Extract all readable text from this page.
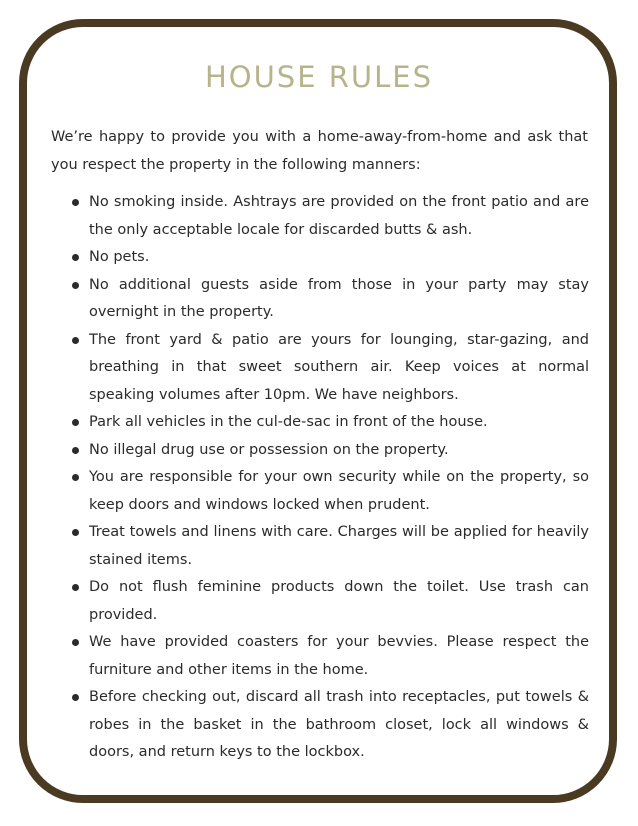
HOUSE RULES

We’re happy to provide you with a home-away-from-home and ask that you respect the property in the following manners:

No smoking inside. Ashtrays are provided on the front patio and are the only acceptable locale for discarded butts & ash.
No pets.
No additional guests aside from those in your party may stay overnight in the property.
The front yard & patio are yours for lounging, star-gazing, and breathing in that sweet southern air. Keep voices at normal speaking volumes after 10pm. We have neighbors.
Park all vehicles in the cul-de-sac in front of the house.
No illegal drug use or possession on the property.
You are responsible for your own security while on the property, so keep doors and windows locked when prudent.
Treat towels and linens with care. Charges will be applied for heavily stained items.
Do not flush feminine products down the toilet. Use trash can provided.
We have provided coasters for your bevvies. Please respect the furniture and other items in the home.
Before checking out, discard all trash into receptacles, put towels & robes in the basket in the bathroom closet, lock all windows & doors, and return keys to the lockbox.
